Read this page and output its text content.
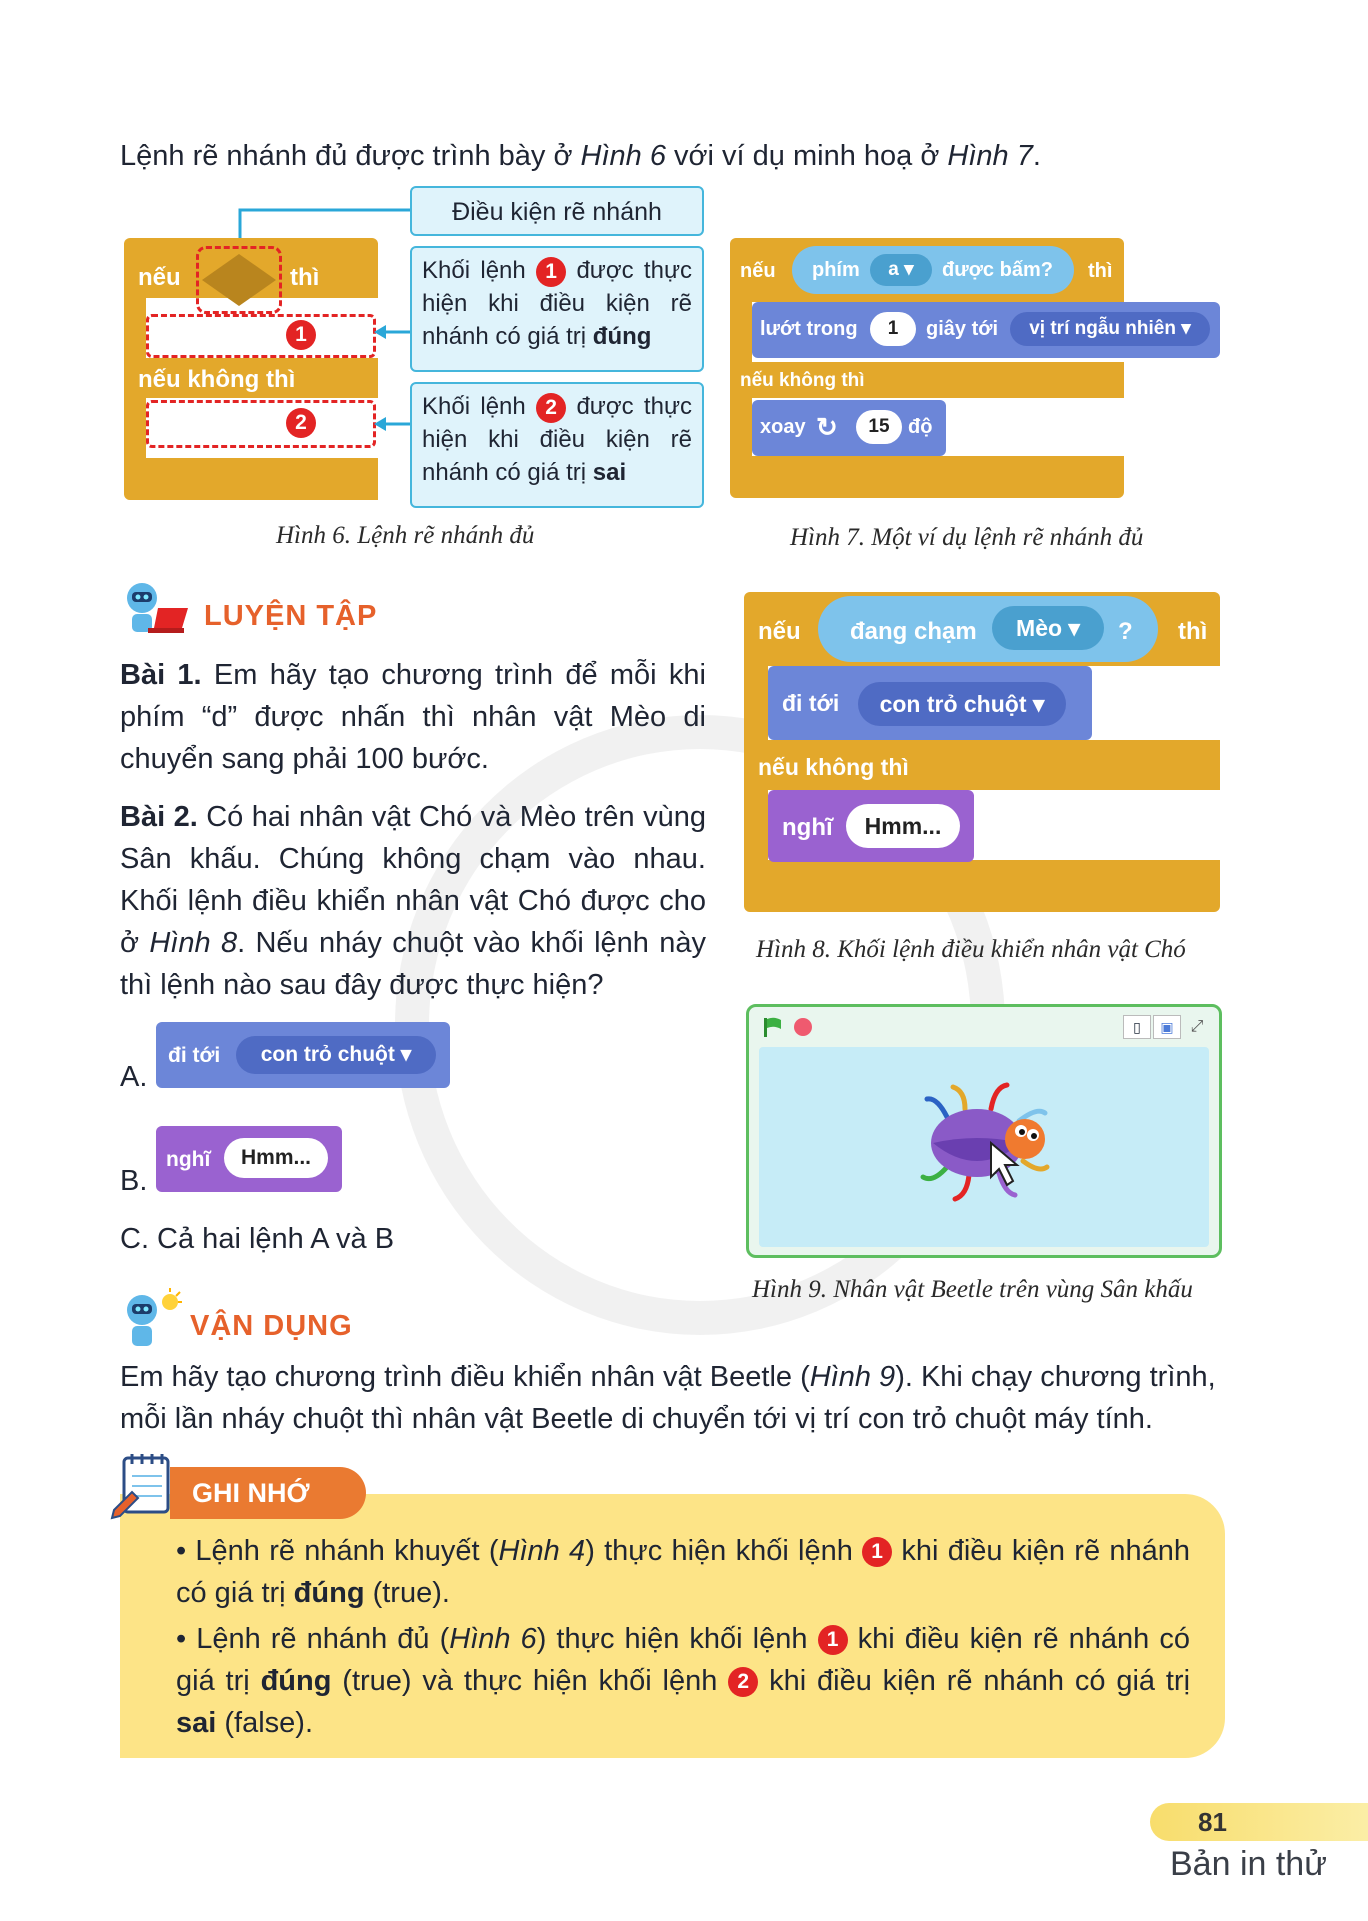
Lệnh rẽ nhánh đủ được trình bày ở Hình 6 với ví dụ minh hoạ ở Hình 7.
Điều kiện rẽ nhánh
nếu	thì
nếu không thì
1
2
Khối lệnh 1 được thực hiện khi điều kiện rẽ nhánh có giá trị đúng
Khối lệnh 2 được thực hiện khi điều kiện rẽ nhánh có giá trị sai
Hình 6. Lệnh rẽ nhánh đủ
nếu phím	a ▾	được bấm? thì
lướt trong	1	giây tới	vị trí ngẫu nhiên ▾
nếu không thì
xoay ↻	15 độ
Hình 7. Một ví dụ lệnh rẽ nhánh đủ
LUYỆN TẬP
Bài 1. Em hãy tạo chương trình để mỗi khi phím “d” được nhấn thì nhân vật Mèo di chuyển sang phải 100 bước.
Bài 2. Có hai nhân vật Chó và Mèo trên vùng Sân khấu. Chúng không chạm vào nhau. Khối lệnh điều khiển nhân vật Chó được cho ở Hình 8. Nếu nháy chuột vào khối lệnh này thì lệnh nào sau đây được thực hiện?
A.
đi tới	con trỏ chuột ▾
B.
nghĩ	Hmm...
C. Cả hai lệnh A và B
nếu đang chạm	Mèo ▾	? thì
đi tới	con trỏ chuột ▾
nếu không thì
nghĩ	Hmm...
Hình 8. Khối lệnh điều khiển nhân vật Chó
▯	▣	⤢
Hình 9. Nhân vật Beetle trên vùng Sân khấu
VẬN DỤNG
Em hãy tạo chương trình điều khiển nhân vật Beetle (Hình 9). Khi chạy chương trình, mỗi lần nháy chuột thì nhân vật Beetle di chuyển tới vị trí con trỏ chuột máy tính.
GHI NHỚ
• Lệnh rẽ nhánh khuyết (Hình 4) thực hiện khối lệnh 1 khi điều kiện rẽ nhánh có giá trị đúng (true).
• Lệnh rẽ nhánh đủ (Hình 6) thực hiện khối lệnh 1 khi điều kiện rẽ nhánh có giá trị đúng (true) và thực hiện khối lệnh 2 khi điều kiện rẽ nhánh có giá trị sai (false).
81
Bản in thử
